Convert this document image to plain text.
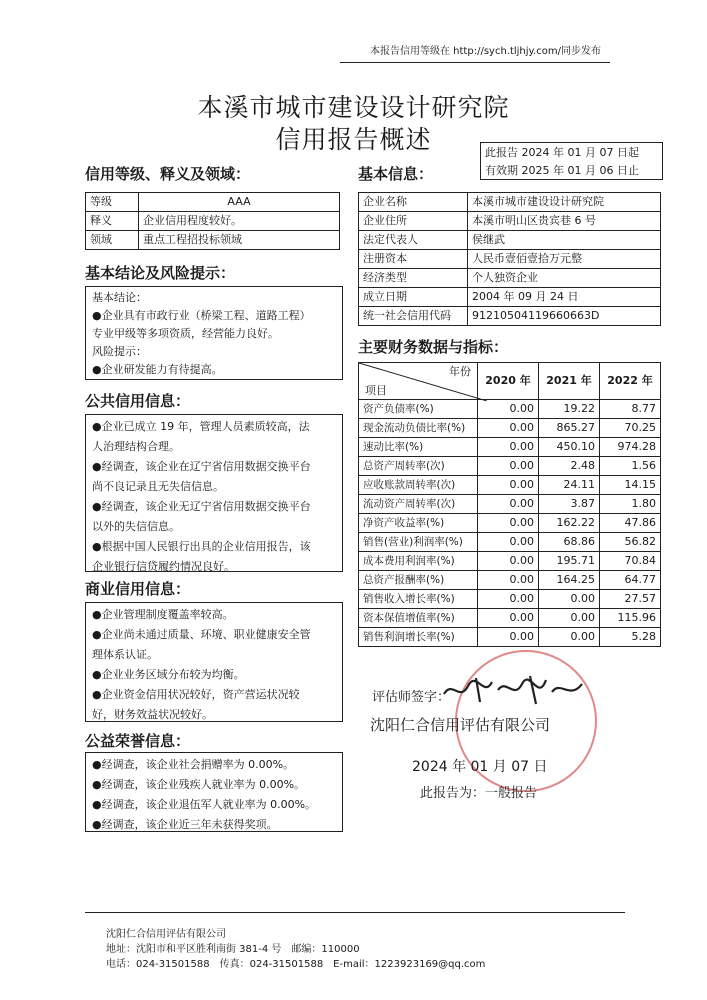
本报告信用等级在 http://sych.tljhjy.com/同步发布
本溪市城市建设设计研究院
信用报告概述	此报告 2024 年 01 月 07 日起
有效期 2025 年 01 月 06 日止
信用等级、释义及领域：
等级	AAA
释义	企业信用程度较好。
领域	重点工程招投标领域
基本信息：
企业名称	本溪市城市建设设计研究院
企业住所	本溪市明山区贵宾巷 6 号
法定代表人	侯继武
注册资本	人民币壹佰壹拾万元整
经济类型	个人独资企业
成立日期	2004 年 09 月 24 日
统一社会信用代码	91210504119660663D
基本结论及风险提示：

基本结论：

●企业具有市政行业（桥梁工程、道路工程）

专业甲级等多项资质，经营能力良好。

风险提示：

●企业研发能力有待提高。

公共信用信息：

●企业已成立 19 年，管理人员素质较高，法

人治理结构合理。

●经调查，该企业在辽宁省信用数据交换平台

尚不良记录且无失信信息。

●经调查，该企业无辽宁省信用数据交换平台

以外的失信信息。

●根据中国人民银行出具的企业信用报告，该

企业银行信贷履约情况良好。

商业信用信息：

●企业管理制度覆盖率较高。

●企业尚未通过质量、环境、职业健康安全管

理体系认证。

●企业业务区域分布较为均衡。

●企业资金信用状况较好，资产营运状况较

好，财务效益状况较好。

公益荣誉信息：

●经调查，该企业社会捐赠率为 0.00%。

●经调查，该企业残疾人就业率为 0.00%。

●经调查，该企业退伍军人就业率为 0.00%。

●经调查，该企业近三年未获得奖项。

主要财务数据与指标：
年份
项目	2020 年	2021 年	2022 年
资产负债率(%)	0.00	19.22	8.77
现金流动负债比率(%)	0.00	865.27	70.25
速动比率(%)	0.00	450.10	974.28
总资产周转率(次)	0.00	2.48	1.56
应收账款周转率(次)	0.00	24.11	14.15
流动资产周转率(次)	0.00	3.87	1.80
净资产收益率(%)	0.00	162.22	47.86
销售(营业)利润率(%)	0.00	68.86	56.82
成本费用利润率(%)	0.00	195.71	70.84
总资产报酬率(%)	0.00	164.25	64.77
销售收入增长率(%)	0.00	0.00	27.57
资本保值增值率(%)	0.00	0.00	115.96
销售利润增长率(%)	0.00	0.00	5.28
评估师签字：
沈阳仁合信用评估有限公司
2024 年 01 月 07 日
此报告为：一般报告
沈阳仁合信用评估有限公司
地址：沈阳市和平区胜利南街 381-4 号　邮编：110000
电话：024-31501588　传真：024-31501588　E-mail：1223923169@qq.com
